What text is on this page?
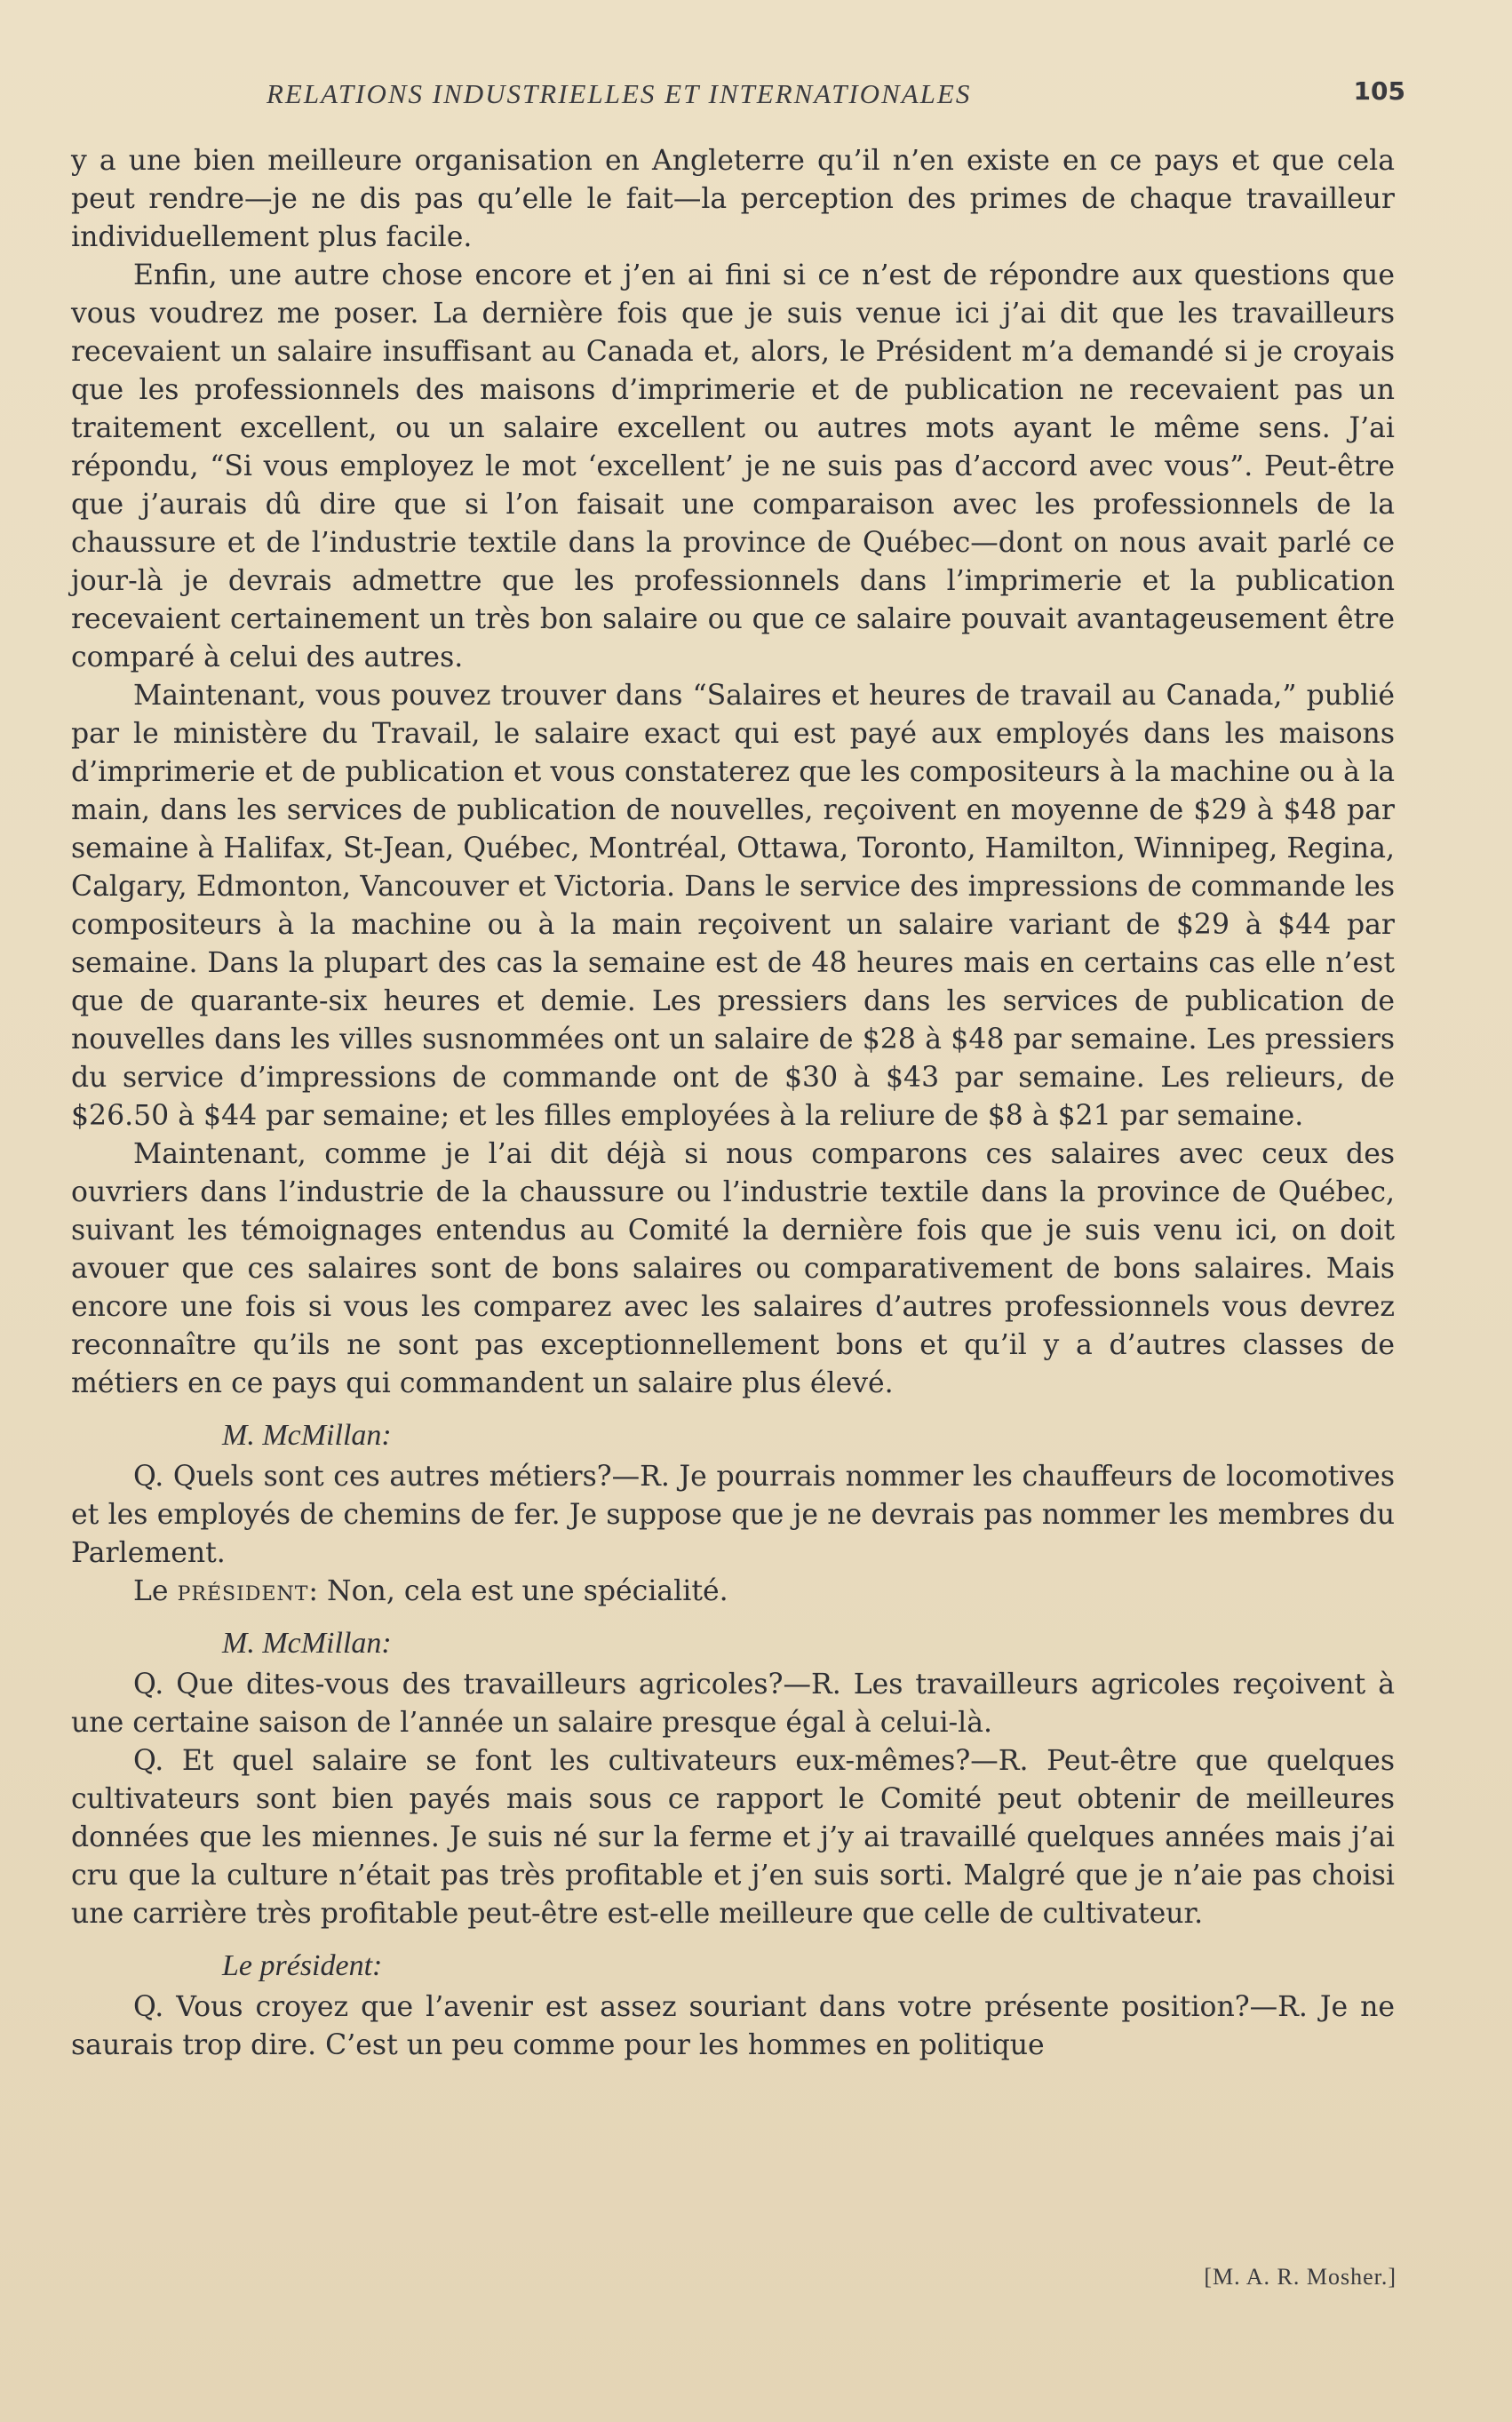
RELATIONS INDUSTRIELLES ET INTERNATIONALES	105

y a une bien meilleure organisation en Angleterre qu’il n’en existe en ce pays et que cela peut rendre—je ne dis pas qu’elle le fait—la perception des primes de chaque travailleur individuellement plus facile.

Enfin, une autre chose encore et j’en ai fini si ce n’est de répondre aux questions que vous voudrez me poser. La dernière fois que je suis venue ici j’ai dit que les travailleurs recevaient un salaire insuffisant au Canada et, alors, le Président m’a demandé si je croyais que les professionnels des maisons d’imprimerie et de publication ne recevaient pas un traitement excellent, ou un salaire excellent ou autres mots ayant le même sens. J’ai répondu, “Si vous employez le mot ‘excellent’ je ne suis pas d’accord avec vous”. Peut-être que j’aurais dû dire que si l’on faisait une comparaison avec les professionnels de la chaussure et de l’industrie textile dans la province de Québec—dont on nous avait parlé ce jour-là je devrais admettre que les professionnels dans l’imprimerie et la publication recevaient certainement un très bon salaire ou que ce salaire pouvait avantageusement être comparé à celui des autres.

Maintenant, vous pouvez trouver dans “Salaires et heures de travail au Canada,” publié par le ministère du Travail, le salaire exact qui est payé aux employés dans les maisons d’imprimerie et de publication et vous constaterez que les compositeurs à la machine ou à la main, dans les services de publication de nouvelles, reçoivent en moyenne de $29 à $48 par semaine à Halifax, St-Jean, Québec, Montréal, Ottawa, Toronto, Hamilton, Winnipeg, Regina, Calgary, Edmonton, Vancouver et Victoria. Dans le service des impressions de commande les compositeurs à la machine ou à la main reçoivent un salaire variant de $29 à $44 par semaine. Dans la plupart des cas la semaine est de 48 heures mais en certains cas elle n’est que de quarante-six heures et demie. Les pressiers dans les services de publication de nouvelles dans les villes susnommées ont un salaire de $28 à $48 par semaine. Les pressiers du service d’impressions de commande ont de $30 à $43 par semaine. Les relieurs, de $26.50 à $44 par semaine; et les filles employées à la reliure de $8 à $21 par semaine.

Maintenant, comme je l’ai dit déjà si nous comparons ces salaires avec ceux des ouvriers dans l’industrie de la chaussure ou l’industrie textile dans la province de Québec, suivant les témoignages entendus au Comité la dernière fois que je suis venu ici, on doit avouer que ces salaires sont de bons salaires ou comparativement de bons salaires. Mais encore une fois si vous les comparez avec les salaires d’autres professionnels vous devrez reconnaître qu’ils ne sont pas exceptionnellement bons et qu’il y a d’autres classes de métiers en ce pays qui commandent un salaire plus élevé.

M. McMillan:

Q. Quels sont ces autres métiers?—R. Je pourrais nommer les chauffeurs de locomotives et les employés de chemins de fer. Je suppose que je ne devrais pas nommer les membres du Parlement.

Le président: Non, cela est une spécialité.

M. McMillan:

Q. Que dites-vous des travailleurs agricoles?—R. Les travailleurs agricoles reçoivent à une certaine saison de l’année un salaire presque égal à celui-là.

Q. Et quel salaire se font les cultivateurs eux-mêmes?—R. Peut-être que quelques cultivateurs sont bien payés mais sous ce rapport le Comité peut obtenir de meilleures données que les miennes. Je suis né sur la ferme et j’y ai travaillé quelques années mais j’ai cru que la culture n’était pas très profitable et j’en suis sorti. Malgré que je n’aie pas choisi une carrière très profitable peut-être est-elle meilleure que celle de cultivateur.

Le président:

Q. Vous croyez que l’avenir est assez souriant dans votre présente position?—R. Je ne saurais trop dire. C’est un peu comme pour les hommes en politique

[M. A. R. Mosher.]
